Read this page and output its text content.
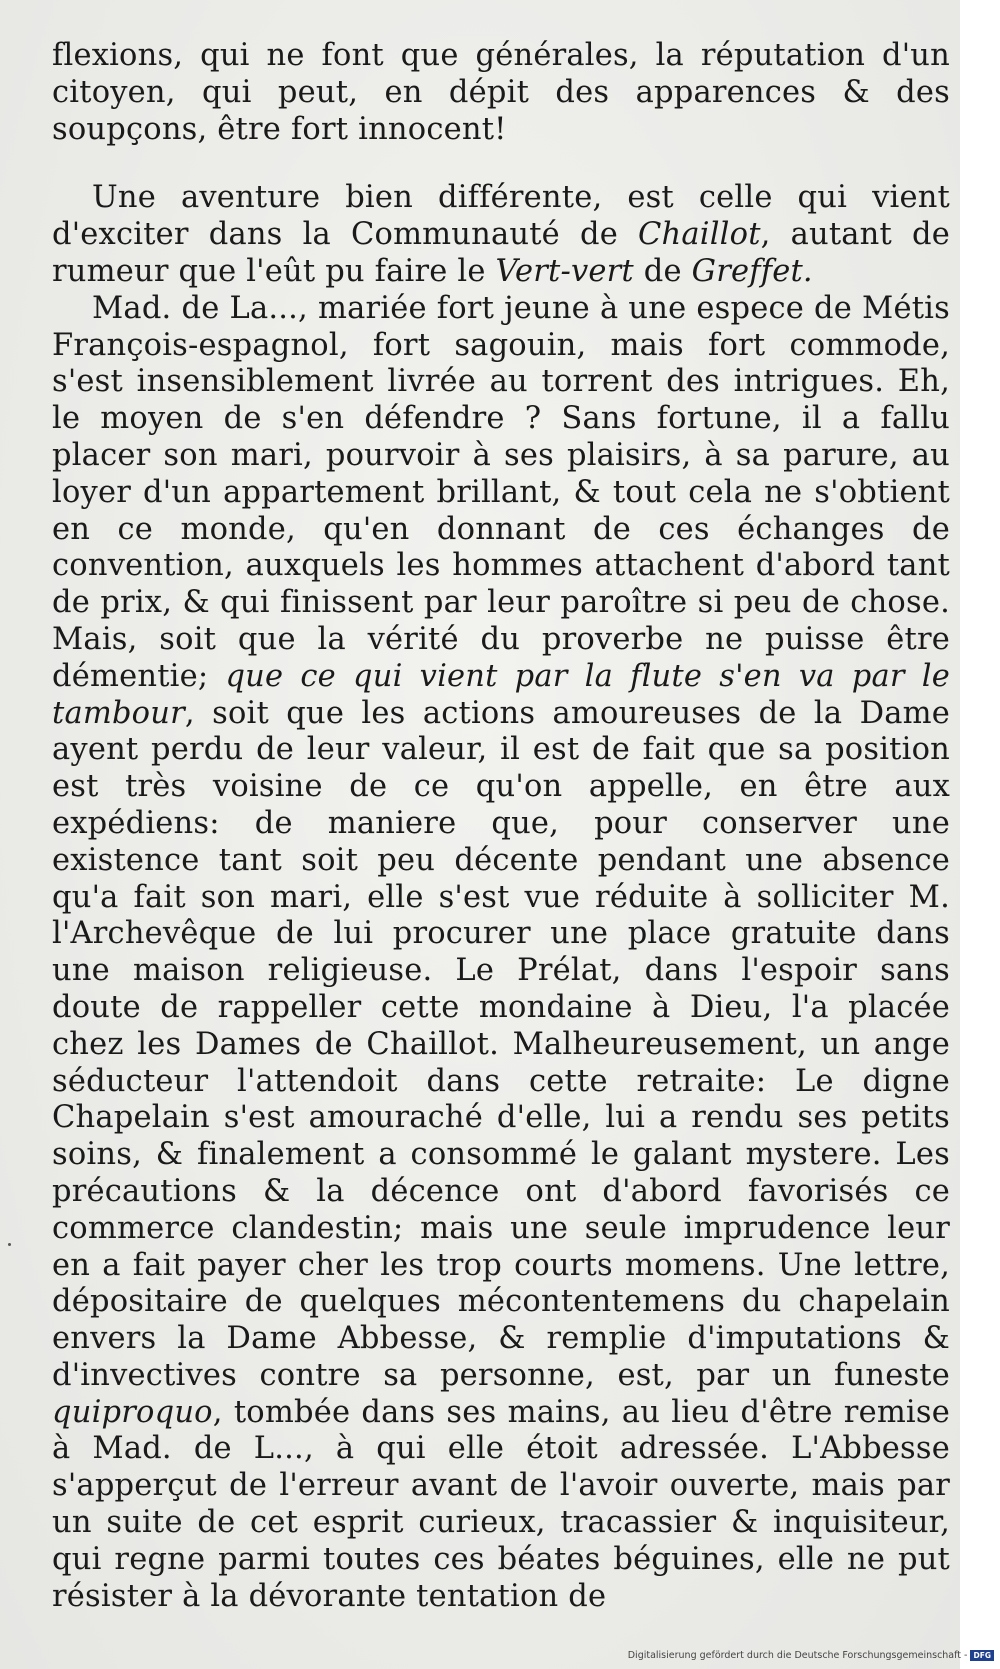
flexions, qui ne font que générales, la réputation d'un citoyen, qui peut, en dépit des apparences & des soupçons, être fort innocent!

Une aventure bien différente, est celle qui vient d'exciter dans la Communauté de Chaillot, autant de rumeur que l'eût pu faire le Vert-vert de Greffet.

Mad. de La..., mariée fort jeune à une espece de Métis François-espagnol, fort sagouin, mais fort commode, s'est insensiblement livrée au torrent des intrigues. Eh, le moyen de s'en défendre ? Sans fortune, il a fallu placer son mari, pourvoir à ses plaisirs, à sa parure, au loyer d'un appartement brillant, & tout cela ne s'obtient en ce monde, qu'en donnant de ces échanges de convention, auxquels les hommes attachent d'abord tant de prix, & qui finissent par leur paroître si peu de chose. Mais, soit que la vérité du proverbe ne puisse être démentie; que ce qui vient par la flute s'en va par le tambour, soit que les actions amoureuses de la Dame ayent perdu de leur valeur, il est de fait que sa position est très voisine de ce qu'on appelle, en être aux expédiens: de maniere que, pour conserver une existence tant soit peu décente pendant une absence qu'a fait son mari, elle s'est vue réduite à solliciter M. l'Archevêque de lui procurer une place gratuite dans une maison religieuse. Le Prélat, dans l'espoir sans doute de rappeller cette mondaine à Dieu, l'a placée chez les Dames de Chaillot. Malheureusement, un ange séducteur l'attendoit dans cette retraite: Le digne Chapelain s'est amouraché d'elle, lui a rendu ses petits soins, & finalement a consommé le galant mystere. Les précautions & la décence ont d'abord favorisés ce commerce clandestin; mais une seule imprudence leur en a fait payer cher les trop courts momens. Une lettre, dépositaire de quelques mécontentemens du chapelain envers la Dame Abbesse, & remplie d'imputations & d'invectives contre sa personne, est, par un funeste quiproquo, tombée dans ses mains, au lieu d'être remise à Mad. de L..., à qui elle étoit adressée. L'Abbesse s'apperçut de l'erreur avant de l'avoir ouverte, mais par un suite de cet esprit curieux, tracassier & inquisiteur, qui regne parmi toutes ces béates béguines, elle ne put résister à la dévorante tentation de

Digitalisierung gefördert durch die Deutsche Forschungsgemeinschaft - DFG
